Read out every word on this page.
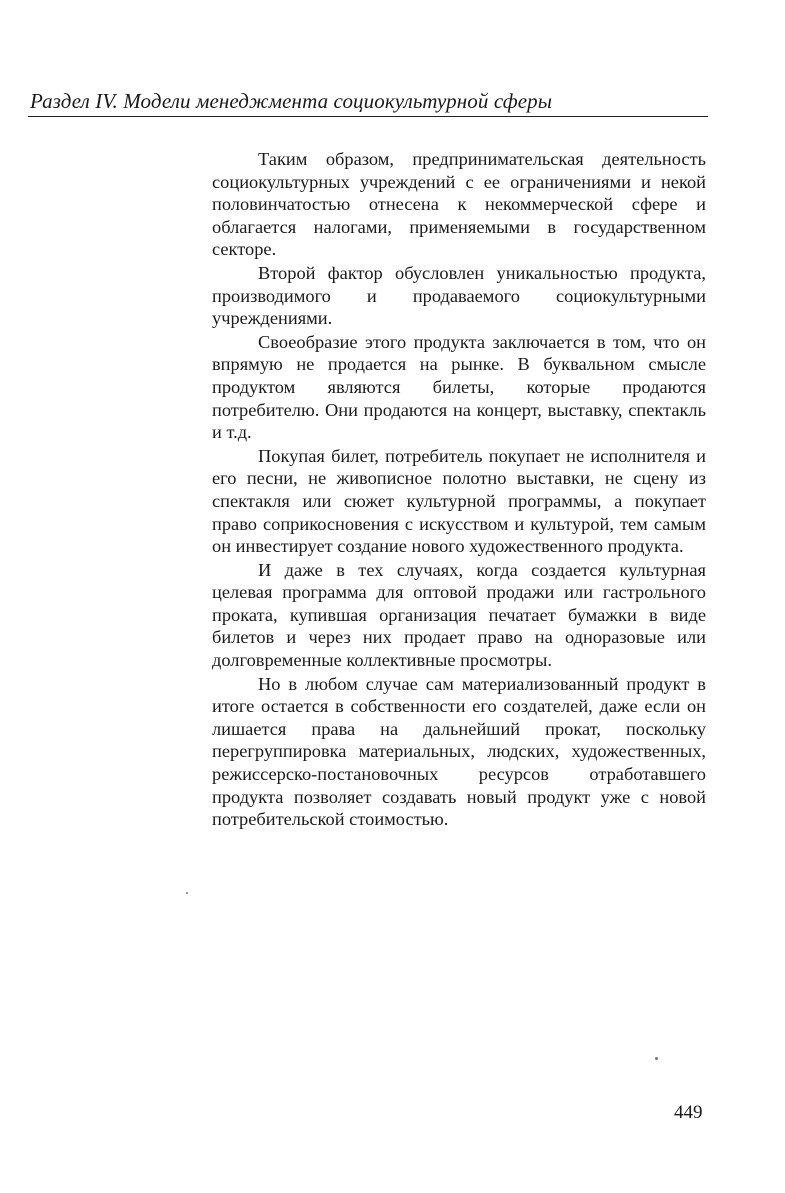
Раздел IV. Модели менеджмента социокультурной сферы

Таким образом, предпринимательская деятельность социокультурных учреждений с ее ограничениями и некой половинчатостью отнесена к некоммерческой сфере и облагается налогами, применяемыми в государственном секторе.

Второй фактор обусловлен уникальностью продукта, производимого и продаваемого социокультурными учреждениями.

Своеобразие этого продукта заключается в том, что он впрямую не продается на рынке. В буквальном смысле продуктом являются билеты, которые продаются потребителю. Они продаются на концерт, выставку, спектакль и т.д.

Покупая билет, потребитель покупает не исполнителя и его песни, не живописное полотно выставки, не сцену из спектакля или сюжет культурной программы, а покупает право соприкосновения с искусством и культурой, тем самым он инвестирует создание нового художественного продукта.

И даже в тех случаях, когда создается культурная целевая программа для оптовой продажи или гастрольного проката, купившая организация печатает бумажки в виде билетов и через них продает право на одноразовые или долговременные коллективные просмотры.

Но в любом случае сам материализованный продукт в итоге остается в собственности его создателей, даже если он лишается права на дальнейший прокат, поскольку перегруппировка материальных, людских, художественных, режиссерско-постановочных ресурсов отработавшего продукта позволяет создавать новый продукт уже с новой потребительской стоимостью.

449
